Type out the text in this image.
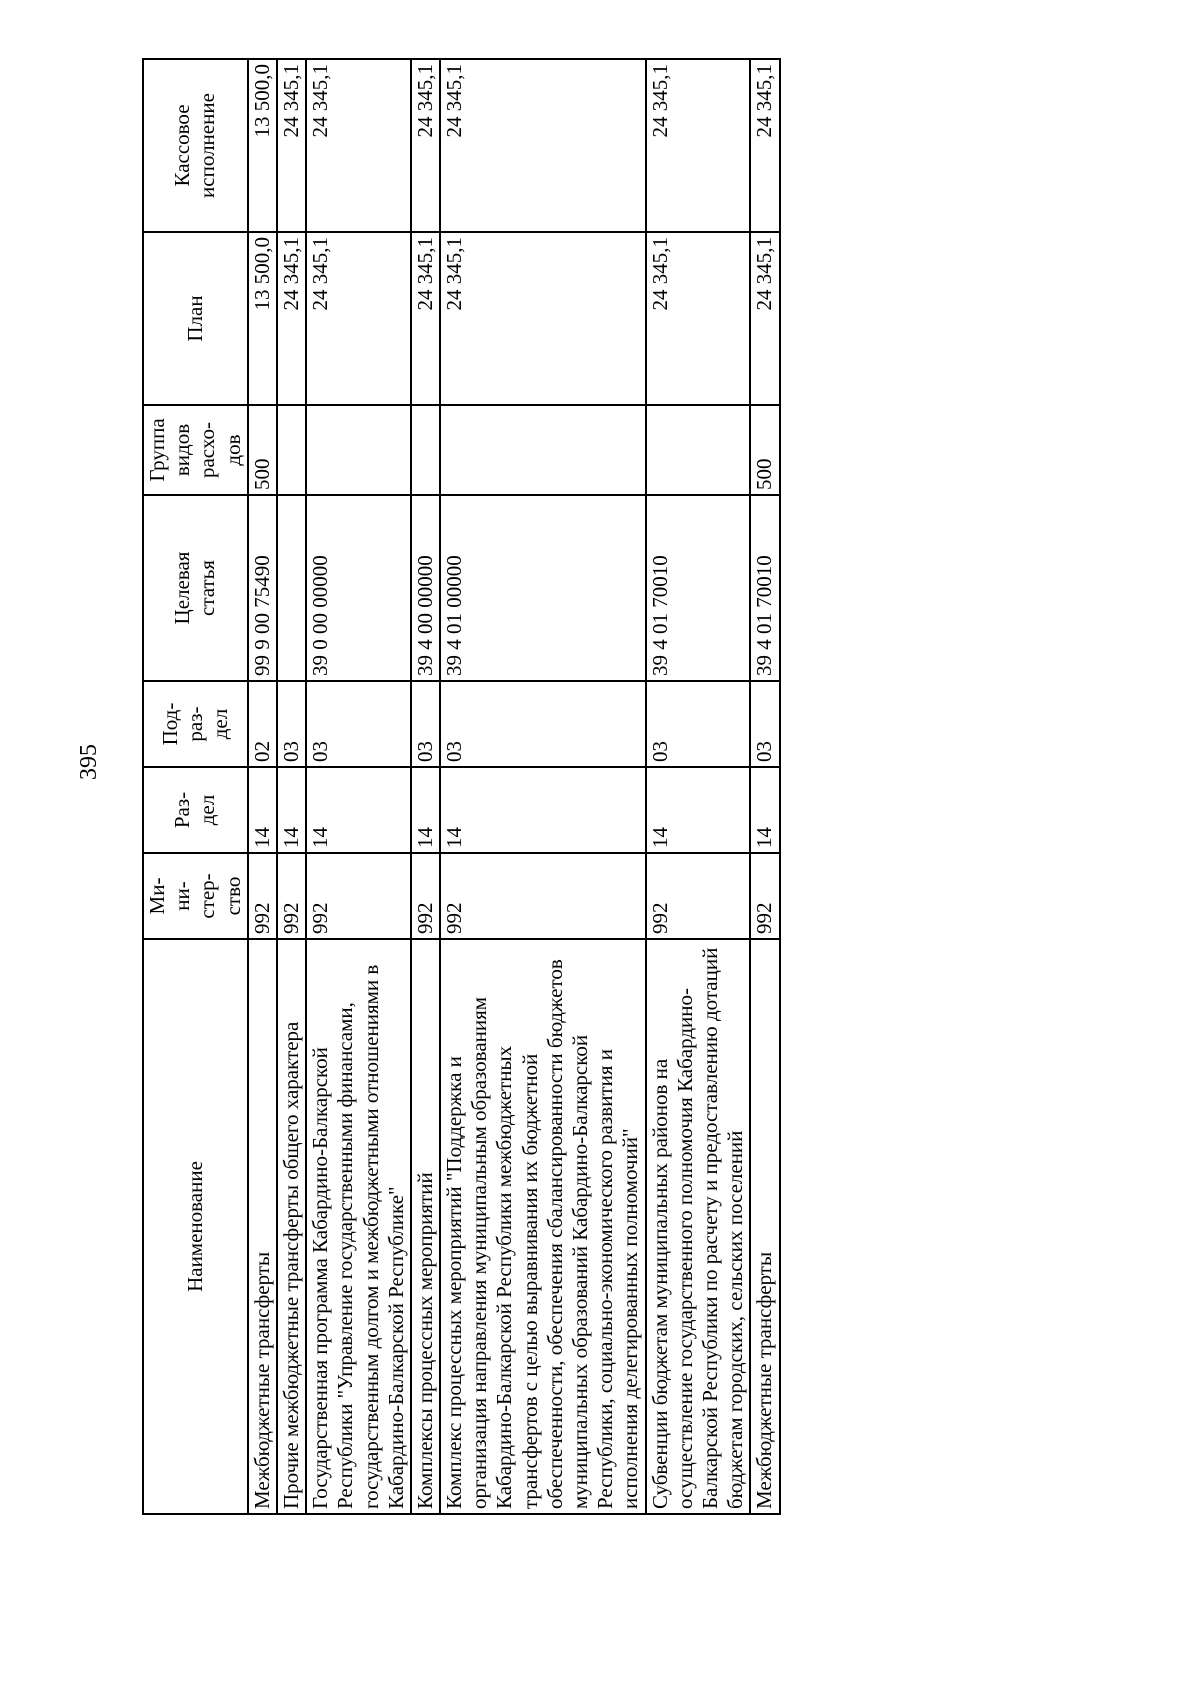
395
Наименование	Ми- ни- стер- ство	Раз- дел	Под- раз- дел	Целевая статья	Группа видов расхо- дов	План	Кассовое исполнение

Межбюджетные трансферты	992	14	02	99 9 00 75490	500	13 500,0	13 500,0
Прочие межбюджетные трансферты общего характера	992	14	03			24 345,1	24 345,1
Государственная программа Кабардино-Балкарской Республики "Управление государственными финансами, государственным долгом и межбюджетными отношениями в Кабардино-Балкарской Республике"	992	14	03	39 0 00 00000		24 345,1	24 345,1
Комплексы процессных мероприятий	992	14	03	39 4 00 00000		24 345,1	24 345,1
Комплекс процессных мероприятий "Поддержка и организация направления муниципальным образованиям Кабардино-Балкарской Республики межбюджетных трансфертов с целью выравнивания их бюджетной обеспеченности, обеспечения сбалансированности бюджетов муниципальных образований Кабардино-Балкарской Республики, социально-экономического развития и исполнения делегированных полномочий"	992	14	03	39 4 01 00000		24 345,1	24 345,1
Субвенции бюджетам муниципальных районов на осуществление государственного полномочия Кабардино-Балкарской Республики по расчету и предоставлению дотаций бюджетам городских, сельских поселений	992	14	03	39 4 01 70010		24 345,1	24 345,1
Межбюджетные трансферты	992	14	03	39 4 01 70010	500	24 345,1	24 345,1
